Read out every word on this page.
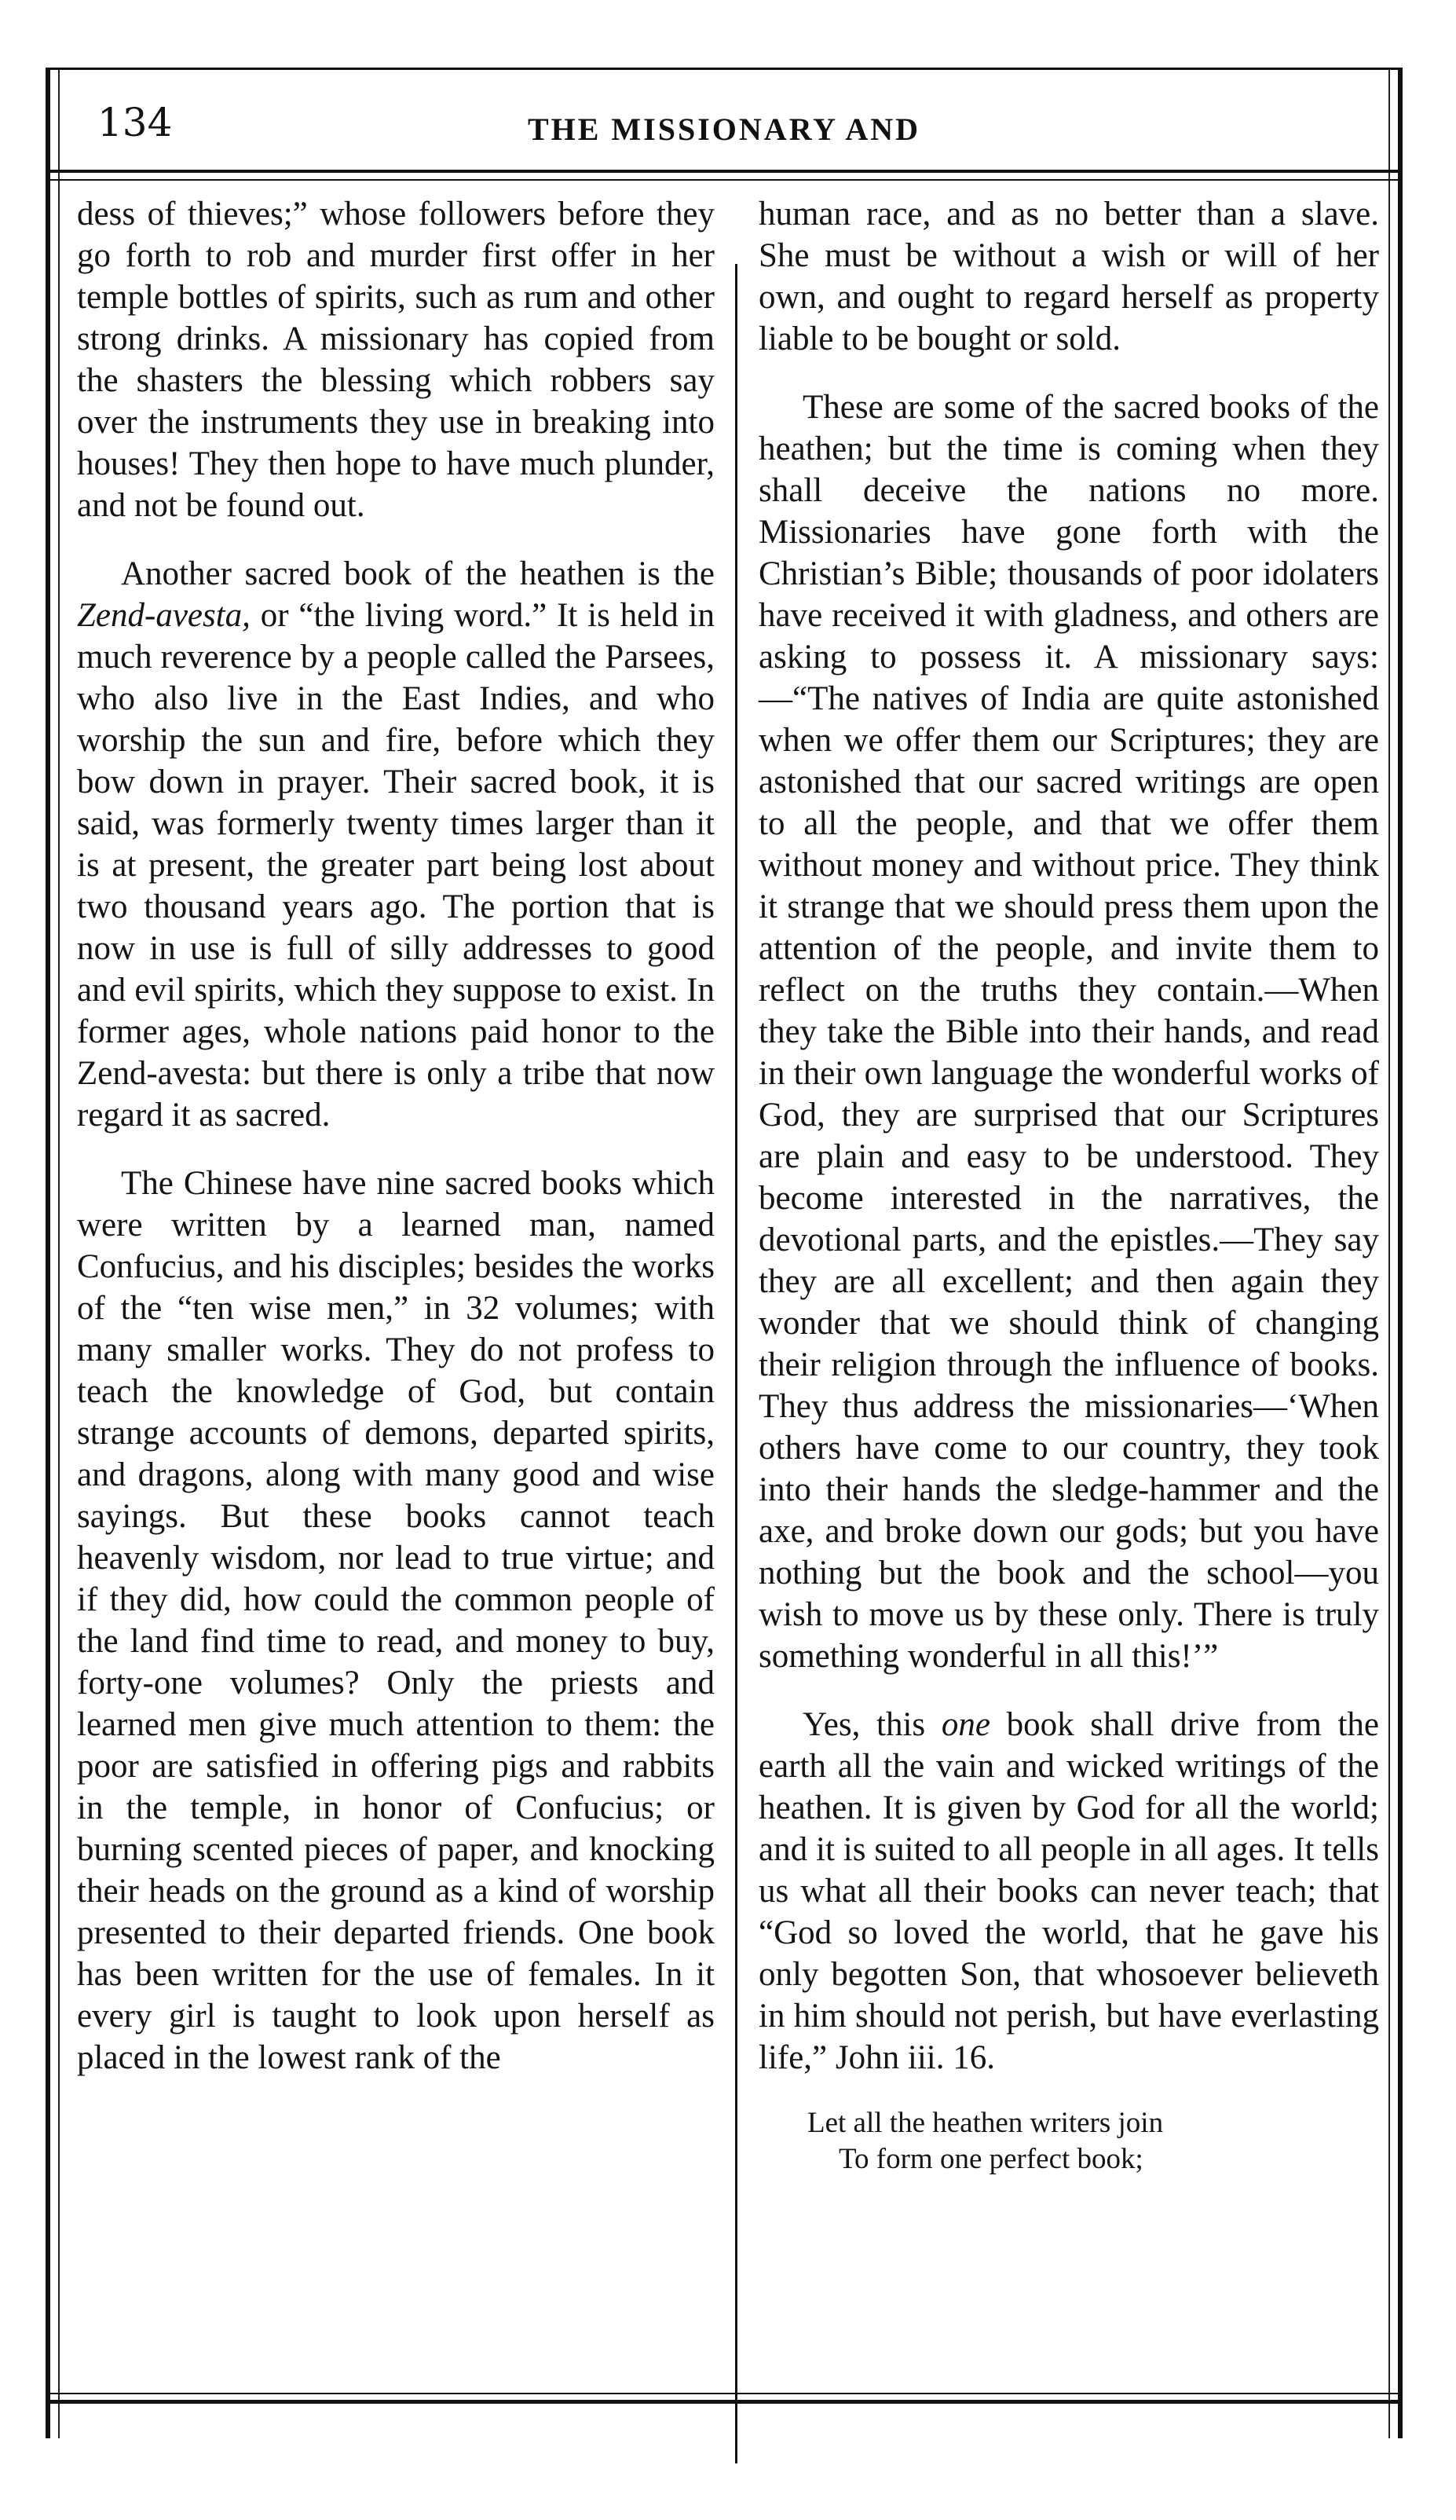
134	THE MISSIONARY AND

dess of thieves;” whose followers before they go forth to rob and murder first offer in her temple bottles of spirits, such as rum and other strong drinks. A missionary has copied from the shasters the blessing which robbers say over the instruments they use in breaking into houses! They then hope to have much plunder, and not be found out.

Another sacred book of the heathen is the Zend-avesta, or “the living word.” It is held in much reverence by a people called the Parsees, who also live in the East Indies, and who worship the sun and fire, before which they bow down in prayer. Their sacred book, it is said, was formerly twenty times larger than it is at present, the greater part being lost about two thousand years ago. The portion that is now in use is full of silly addresses to good and evil spirits, which they suppose to exist. In former ages, whole nations paid honor to the Zend-avesta: but there is only a tribe that now regard it as sacred.

The Chinese have nine sacred books which were written by a learned man, named Confucius, and his disciples; besides the works of the “ten wise men,” in 32 volumes; with many smaller works. They do not profess to teach the knowledge of God, but contain strange accounts of demons, departed spirits, and dragons, along with many good and wise sayings. But these books cannot teach heavenly wisdom, nor lead to true virtue; and if they did, how could the common people of the land find time to read, and money to buy, forty-one volumes? Only the priests and learned men give much attention to them: the poor are satisfied in offering pigs and rabbits in the temple, in honor of Confucius; or burning scented pieces of paper, and knocking their heads on the ground as a kind of worship presented to their departed friends. One book has been written for the use of females. In it every girl is taught to look upon herself as placed in the lowest rank of the

human race, and as no better than a slave. She must be without a wish or will of her own, and ought to regard herself as property liable to be bought or sold.

These are some of the sacred books of the heathen; but the time is coming when they shall deceive the nations no more. Missionaries have gone forth with the Christian’s Bible; thousands of poor idolaters have received it with gladness, and others are asking to possess it. A missionary says:—“The natives of India are quite astonished when we offer them our Scriptures; they are astonished that our sacred writings are open to all the people, and that we offer them without money and without price. They think it strange that we should press them upon the attention of the people, and invite them to reflect on the truths they contain.—When they take the Bible into their hands, and read in their own language the wonderful works of God, they are surprised that our Scriptures are plain and easy to be understood. They become interested in the narratives, the devotional parts, and the epistles.—They say they are all excellent; and then again they wonder that we should think of changing their religion through the influence of books. They thus address the missionaries—‘When others have come to our country, they took into their hands the sledge-hammer and the axe, and broke down our gods; but you have nothing but the book and the school—you wish to move us by these only. There is truly something wonderful in all this!’”

Yes, this one book shall drive from the earth all the vain and wicked writings of the heathen. It is given by God for all the world; and it is suited to all people in all ages. It tells us what all their books can never teach; that “God so loved the world, that he gave his only begotten Son, that whosoever believeth in him should not perish, but have everlasting life,” John iii. 16.

Let all the heathen writers join
To form one perfect book;
